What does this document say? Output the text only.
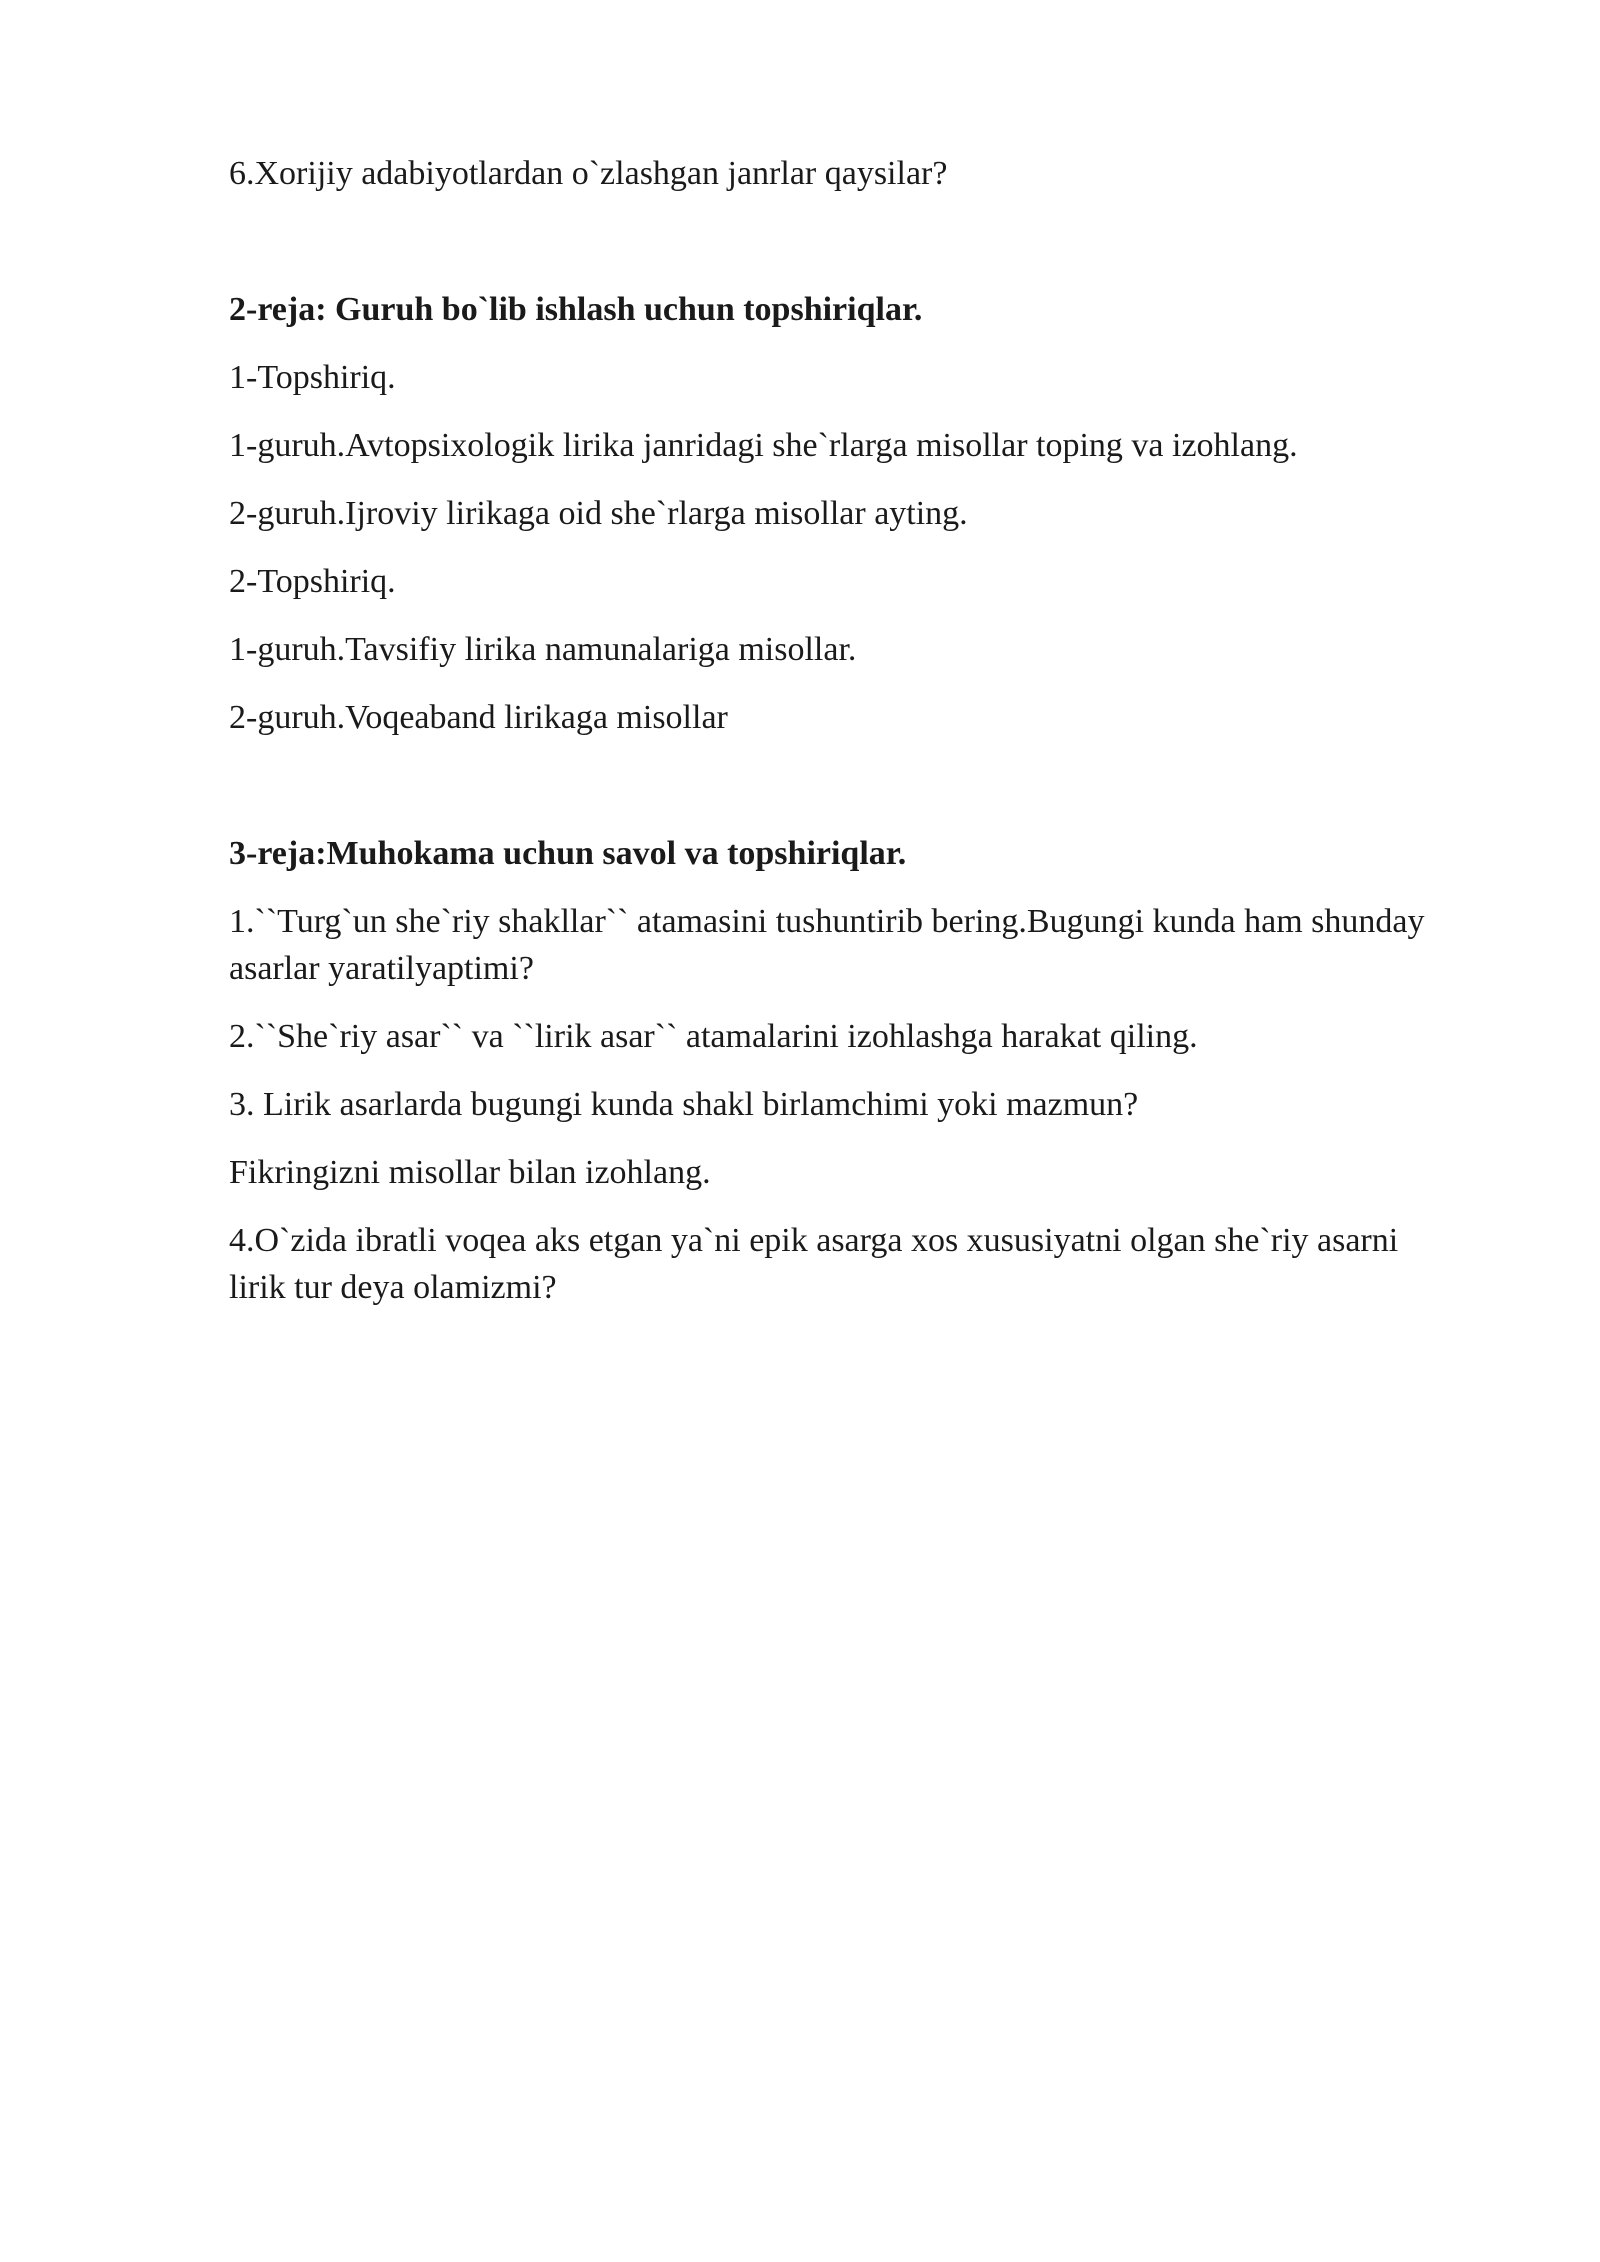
6.Xorijiy adabiyotlardan o`zlashgan janrlar qaysilar?

2-reja: Guruh bo`lib ishlash uchun topshiriqlar.

1-Topshiriq.

1-guruh.Avtopsixologik lirika janridagi she`rlarga misollar toping va izohlang.

2-guruh.Ijroviy lirikaga oid she`rlarga misollar ayting.

2-Topshiriq.

1-guruh.Tavsifiy lirika namunalariga misollar.

2-guruh.Voqeaband lirikaga misollar

3-reja:Muhokama uchun savol va topshiriqlar.

1.``Turg`un she`riy shakllar`` atamasini tushuntirib bering.Bugungi kunda ham shunday asarlar yaratilyaptimi?

2.``She`riy asar`` va ``lirik asar`` atamalarini izohlashga harakat qiling.

3. Lirik asarlarda bugungi kunda shakl birlamchimi yoki mazmun?

Fikringizni misollar bilan izohlang.

4.O`zida ibratli voqea aks etgan ya`ni epik asarga xos xususiyatni olgan she`riy asarni lirik tur deya olamizmi?
